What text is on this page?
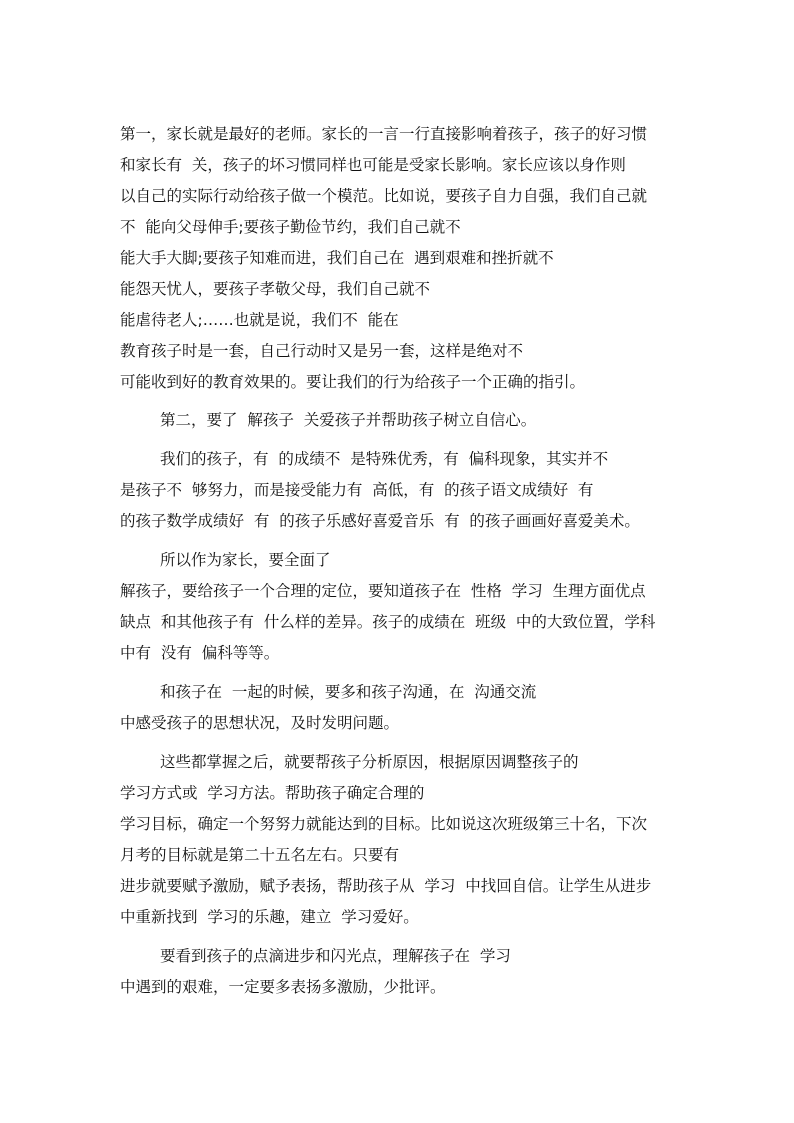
第一，家长就是最好的老师。家长的一言一行直接影响着孩子，孩子的好习惯
和家长有  关，孩子的坏习惯同样也可能是受家长影响。家长应该以身作则
以自己的实际行动给孩子做一个模范。比如说，要孩子自力自强，我们自己就
不  能向父母伸手;要孩子勤俭节约，我们自己就不
能大手大脚;要孩子知难而进，我们自己在  遇到艰难和挫折就不
能怨天忧人，要孩子孝敬父母，我们自己就不
能虐待老人;……也就是说，我们不  能在
教育孩子时是一套，自己行动时又是另一套，这样是绝对不
可能收到好的教育效果的。要让我们的行为给孩子一个正确的指引。
第二，要了  解孩子  关爱孩子并帮助孩子树立自信心。
我们的孩子，有  的成绩不  是特殊优秀，有  偏科现象，其实并不
是孩子不  够努力，而是接受能力有  高低，有  的孩子语文成绩好  有
的孩子数学成绩好  有  的孩子乐感好喜爱音乐  有  的孩子画画好喜爱美术。
所以作为家长，要全面了
解孩子，要给孩子一个合理的定位，要知道孩子在  性格  学习  生理方面优点
缺点  和其他孩子有  什么样的差异。孩子的成绩在  班级  中的大致位置，学科
中有  没有  偏科等等。
和孩子在  一起的时候，要多和孩子沟通，在  沟通交流
中感受孩子的思想状况，及时发明问题。
这些都掌握之后，就要帮孩子分析原因，根据原因调整孩子的
学习方式或  学习方法。帮助孩子确定合理的
学习目标，确定一个努努力就能达到的目标。比如说这次班级第三十名，下次
月考的目标就是第二十五名左右。只要有
进步就要赋予激励，赋予表扬，帮助孩子从  学习  中找回自信。让学生从进步
中重新找到  学习的乐趣，建立  学习爱好。
要看到孩子的点滴进步和闪光点，理解孩子在  学习
中遇到的艰难，一定要多表扬多激励，少批评。
